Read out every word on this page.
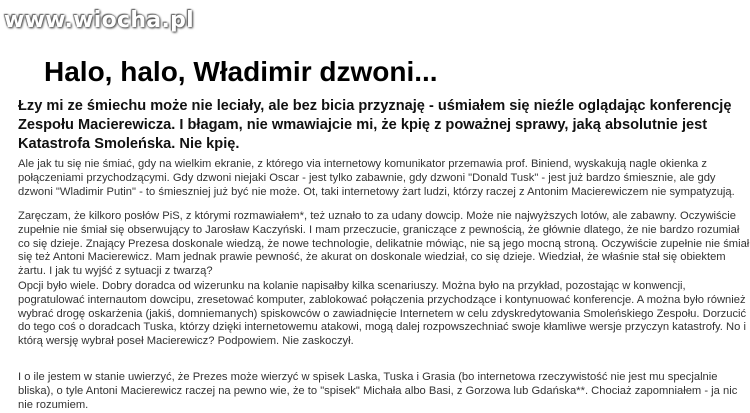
www.wiocha.pl
Halo, halo, Władimir dzwoni...

Łzy mi ze śmiechu może nie leciały, ale bez bicia przyznaję - uśmiałem się nieźle oglądając konferencję Zespołu Macierewicza. I błagam, nie wmawiajcie mi, że kpię z poważnej sprawy, jaką absolutnie jest Katastrofa Smoleńska. Nie kpię.

Ale jak tu się nie śmiać, gdy na wielkim ekranie, z którego via internetowy komunikator przemawia prof. Biniend, wyskakują nagle okienka z połączeniami przychodzącymi. Gdy dzwoni niejaki Oscar - jest tylko zabawnie, gdy dzwoni "Donald Tusk" - jest już bardzo śmiesznie, ale gdy dzwoni "Wladimir Putin" - to śmieszniej już być nie może. Ot, taki internetowy żart ludzi, którzy raczej z Antonim Macierewiczem nie sympatyzują.

Zaręczam, że kilkoro posłów PiS, z którymi rozmawiałem*, też uznało to za udany dowcip. Może nie najwyższych lotów, ale zabawny. Oczywiście zupełnie nie śmiał się obserwujący to Jarosław Kaczyński. I mam przeczucie, graniczące z pewnością, że głównie dlatego, że nie bardzo rozumiał co się dzieje. Znający Prezesa doskonale wiedzą, że nowe technologie, delikatnie mówiąc, nie są jego mocną stroną. Oczywiście zupełnie nie śmiał się też Antoni Macierewicz. Mam jednak prawie pewność, że akurat on doskonale wiedział, co się dzieje. Wiedział, że właśnie stał się obiektem żartu. I jak tu wyjść z sytuacji z twarzą?

Opcji było wiele. Dobry doradca od wizerunku na kolanie napisałby kilka scenariuszy. Można było na przykład, pozostając w konwencji, pogratulować internautom dowcipu, zresetować komputer, zablokować połączenia przychodzące i kontynuować konferencje. A można było również wybrać drogę oskarżenia (jakiś, domniemanych) spiskowców o zawiadnięcie Internetem w celu zdyskredytowania Smoleńskiego Zespołu. Dorzucić do tego coś o doradcach Tuska, którzy dzięki internetowemu atakowi, mogą dalej rozpowszechniać swoje kłamliwe wersje przyczyn katastrofy. No i którą wersję wybrał poseł Macierewicz? Podpowiem. Nie zaskoczył.

I o ile jestem w stanie uwierzyć, że Prezes może wierzyć w spisek Laska, Tuska i Grasia (bo internetowa rzeczywistość nie jest mu specjalnie bliska), o tyle Antoni Macierewicz raczej na pewno wie, że to "spisek" Michała albo Basi, z Gorzowa lub Gdańska**. Chociaż zapomniałem - ja nic nie rozumiem.
